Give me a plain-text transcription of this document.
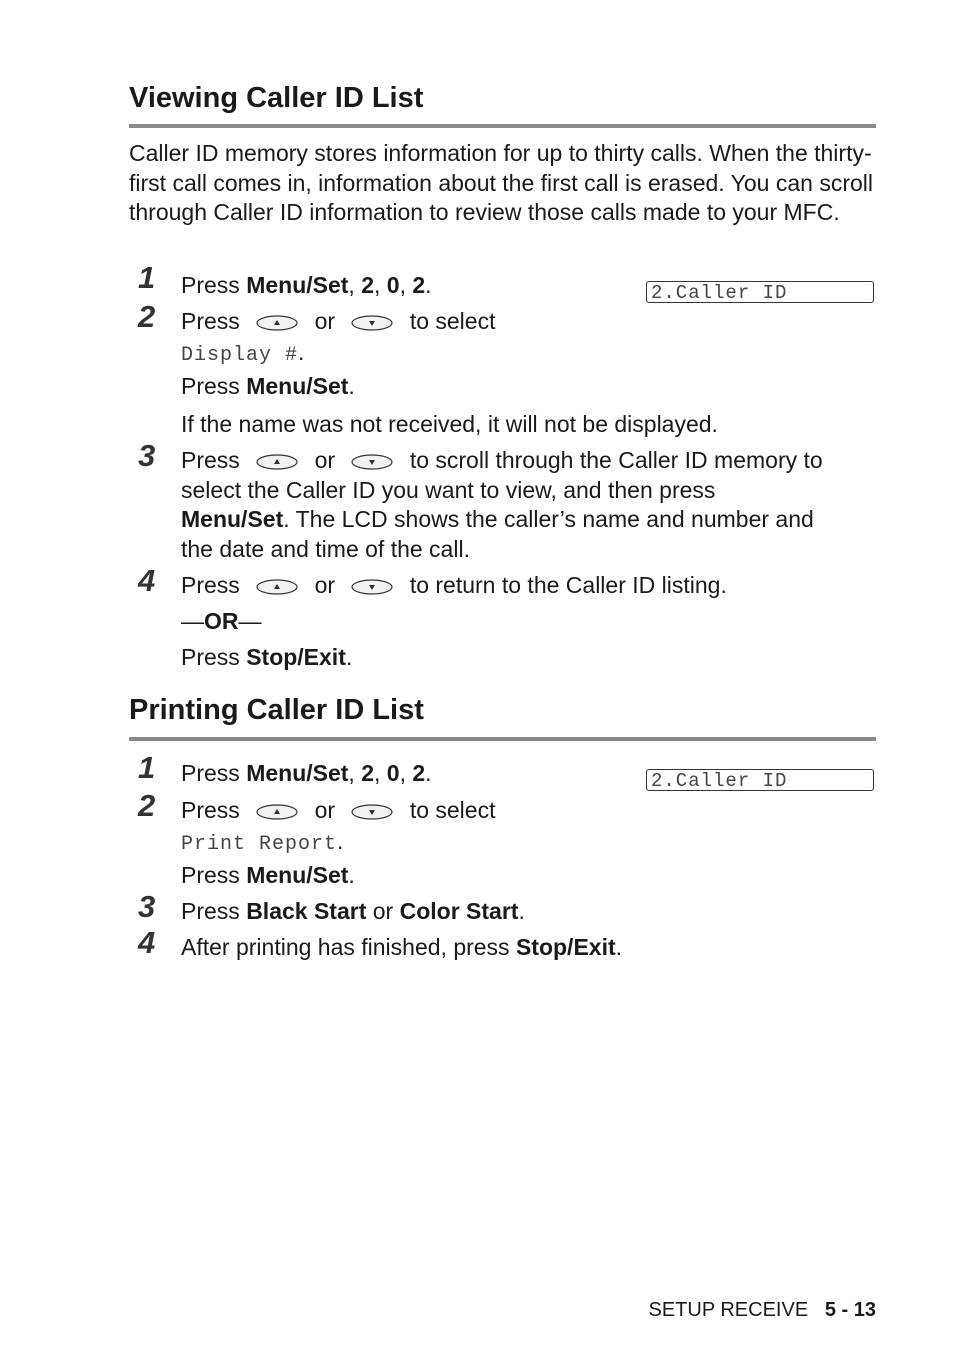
Viewing Caller ID List
Caller ID memory stores information for up to thirty calls. When the thirty-first call comes in, information about the first call is erased. You can scroll through Caller ID information to review those calls made to your MFC.
2.Caller ID
1 Press Menu/Set, 2, 0, 2.
2 Press	or	to select
Display #.
Press Menu/Set.
If the name was not received, it will not be displayed.
3 Press	or	to scroll through the Caller ID memory to
select the Caller ID you want to view, and then press
Menu/Set. The LCD shows the caller’s name and number and
the date and time of the call.
4 Press	or	to return to the Caller ID listing.
—OR—
Press Stop/Exit.
Printing Caller ID List
2.Caller ID
1 Press Menu/Set, 2, 0, 2.
2 Press	or	to select
Print Report.
Press Menu/Set.
3 Press Black Start or Color Start.
4 After printing has finished, press Stop/Exit.
SETUP RECEIVE 5 - 13
